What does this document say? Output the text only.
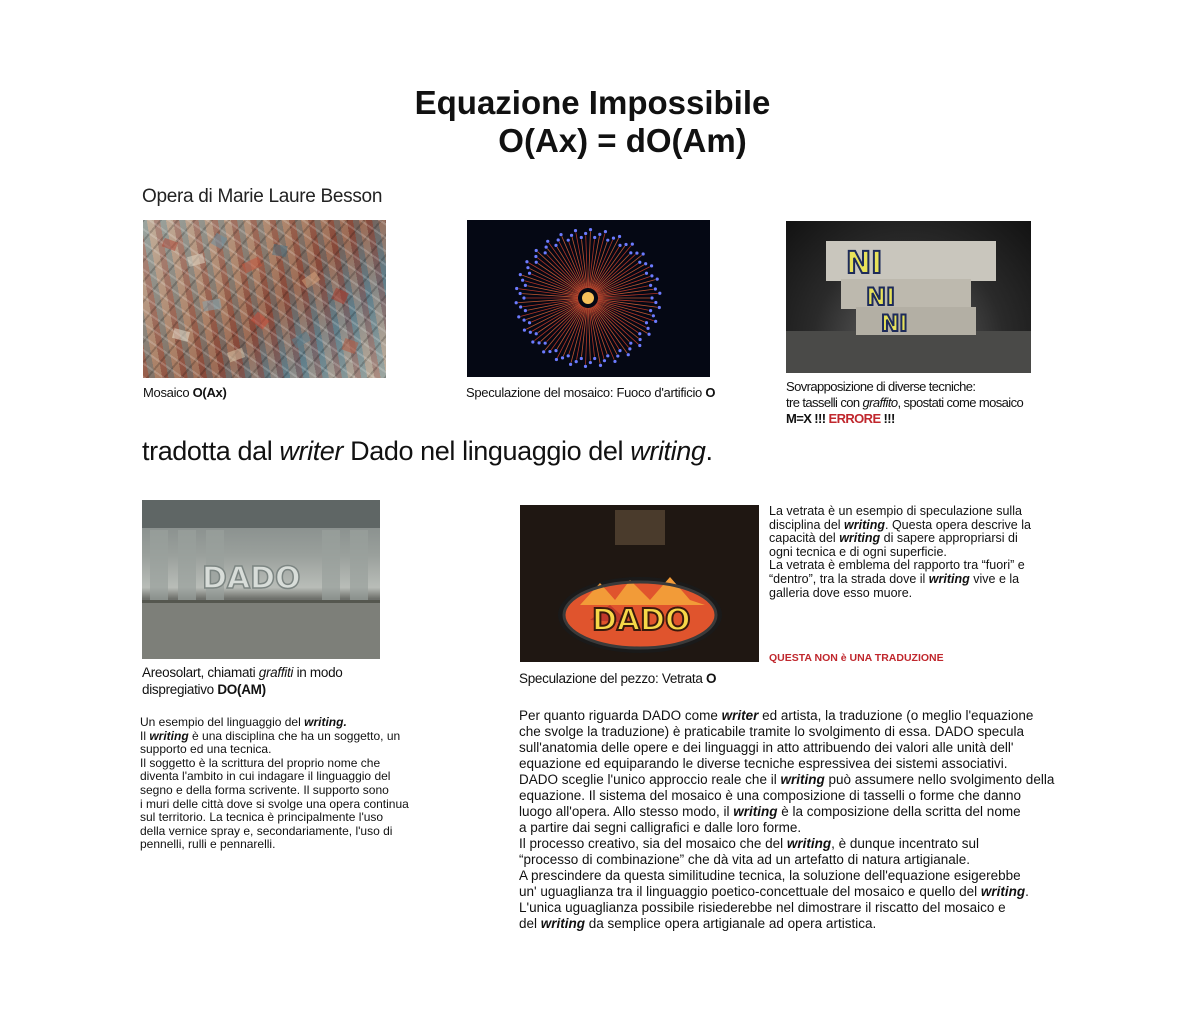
Equazione Impossibile
O(Ax) = dO(Am)
Opera di Marie Laure Besson
Mosaico O(Ax)	Speculazione del mosaico: Fuoco d'artificio O
NI
NI
NI
Sovrapposizione di diverse tecniche:
tre tasselli con graffito, spostati come mosaico
M=X !!! ERRORE !!!
tradotta dal writer Dado nel linguaggio del writing.
DADO
Areosolart, chiamati graffiti in modo
dispregiativo DO(AM)
DADO
Speculazione del pezzo: Vetrata O
La vetrata è un esempio di speculazione sulla
disciplina del writing. Questa opera descrive la
capacità del writing di sapere appropriarsi di
ogni tecnica e di ogni superficie.
La vetrata è emblema del rapporto tra “fuori” e
“dentro”, tra la strada dove il writing vive e la
galleria dove esso muore.
QUESTA NON è UNA TRADUZIONE
Un esempio del linguaggio del writing.
Il writing è una disciplina che ha un soggetto, un
supporto ed una tecnica.
Il soggetto è la scrittura del proprio nome che
diventa l'ambito in cui indagare il linguaggio del
segno e della forma scrivente. Il supporto sono
i muri delle città dove si svolge una opera continua
sul territorio. La tecnica è principalmente l'uso
della vernice spray e, secondariamente, l'uso di
pennelli, rulli e pennarelli.
Per quanto riguarda DADO come writer ed artista, la traduzione (o meglio l'equazione
che svolge la traduzione) è praticabile tramite lo svolgimento di essa. DADO specula
sull'anatomia delle opere e dei linguaggi in atto attribuendo dei valori alle unità dell'
equazione ed equiparando le diverse tecniche espressivea dei sistemi associativi.
DADO sceglie l'unico approccio reale che il writing può assumere nello svolgimento della
equazione. Il sistema del mosaico è una composizione di tasselli o forme che danno
luogo all'opera. Allo stesso modo, il writing è la composizione della scritta del nome
a partire dai segni calligrafici e dalle loro forme.
Il processo creativo, sia del mosaico che del writing, è dunque incentrato sul
“processo di combinazione” che dà vita ad un artefatto di natura artigianale.
A prescindere da questa similitudine tecnica, la soluzione dell'equazione esigerebbe
un' uguaglianza tra il linguaggio poetico-concettuale del mosaico e quello del writing.
L'unica uguaglianza possibile risiederebbe nel dimostrare il riscatto del mosaico e
del writing da semplice opera artigianale ad opera artistica.
